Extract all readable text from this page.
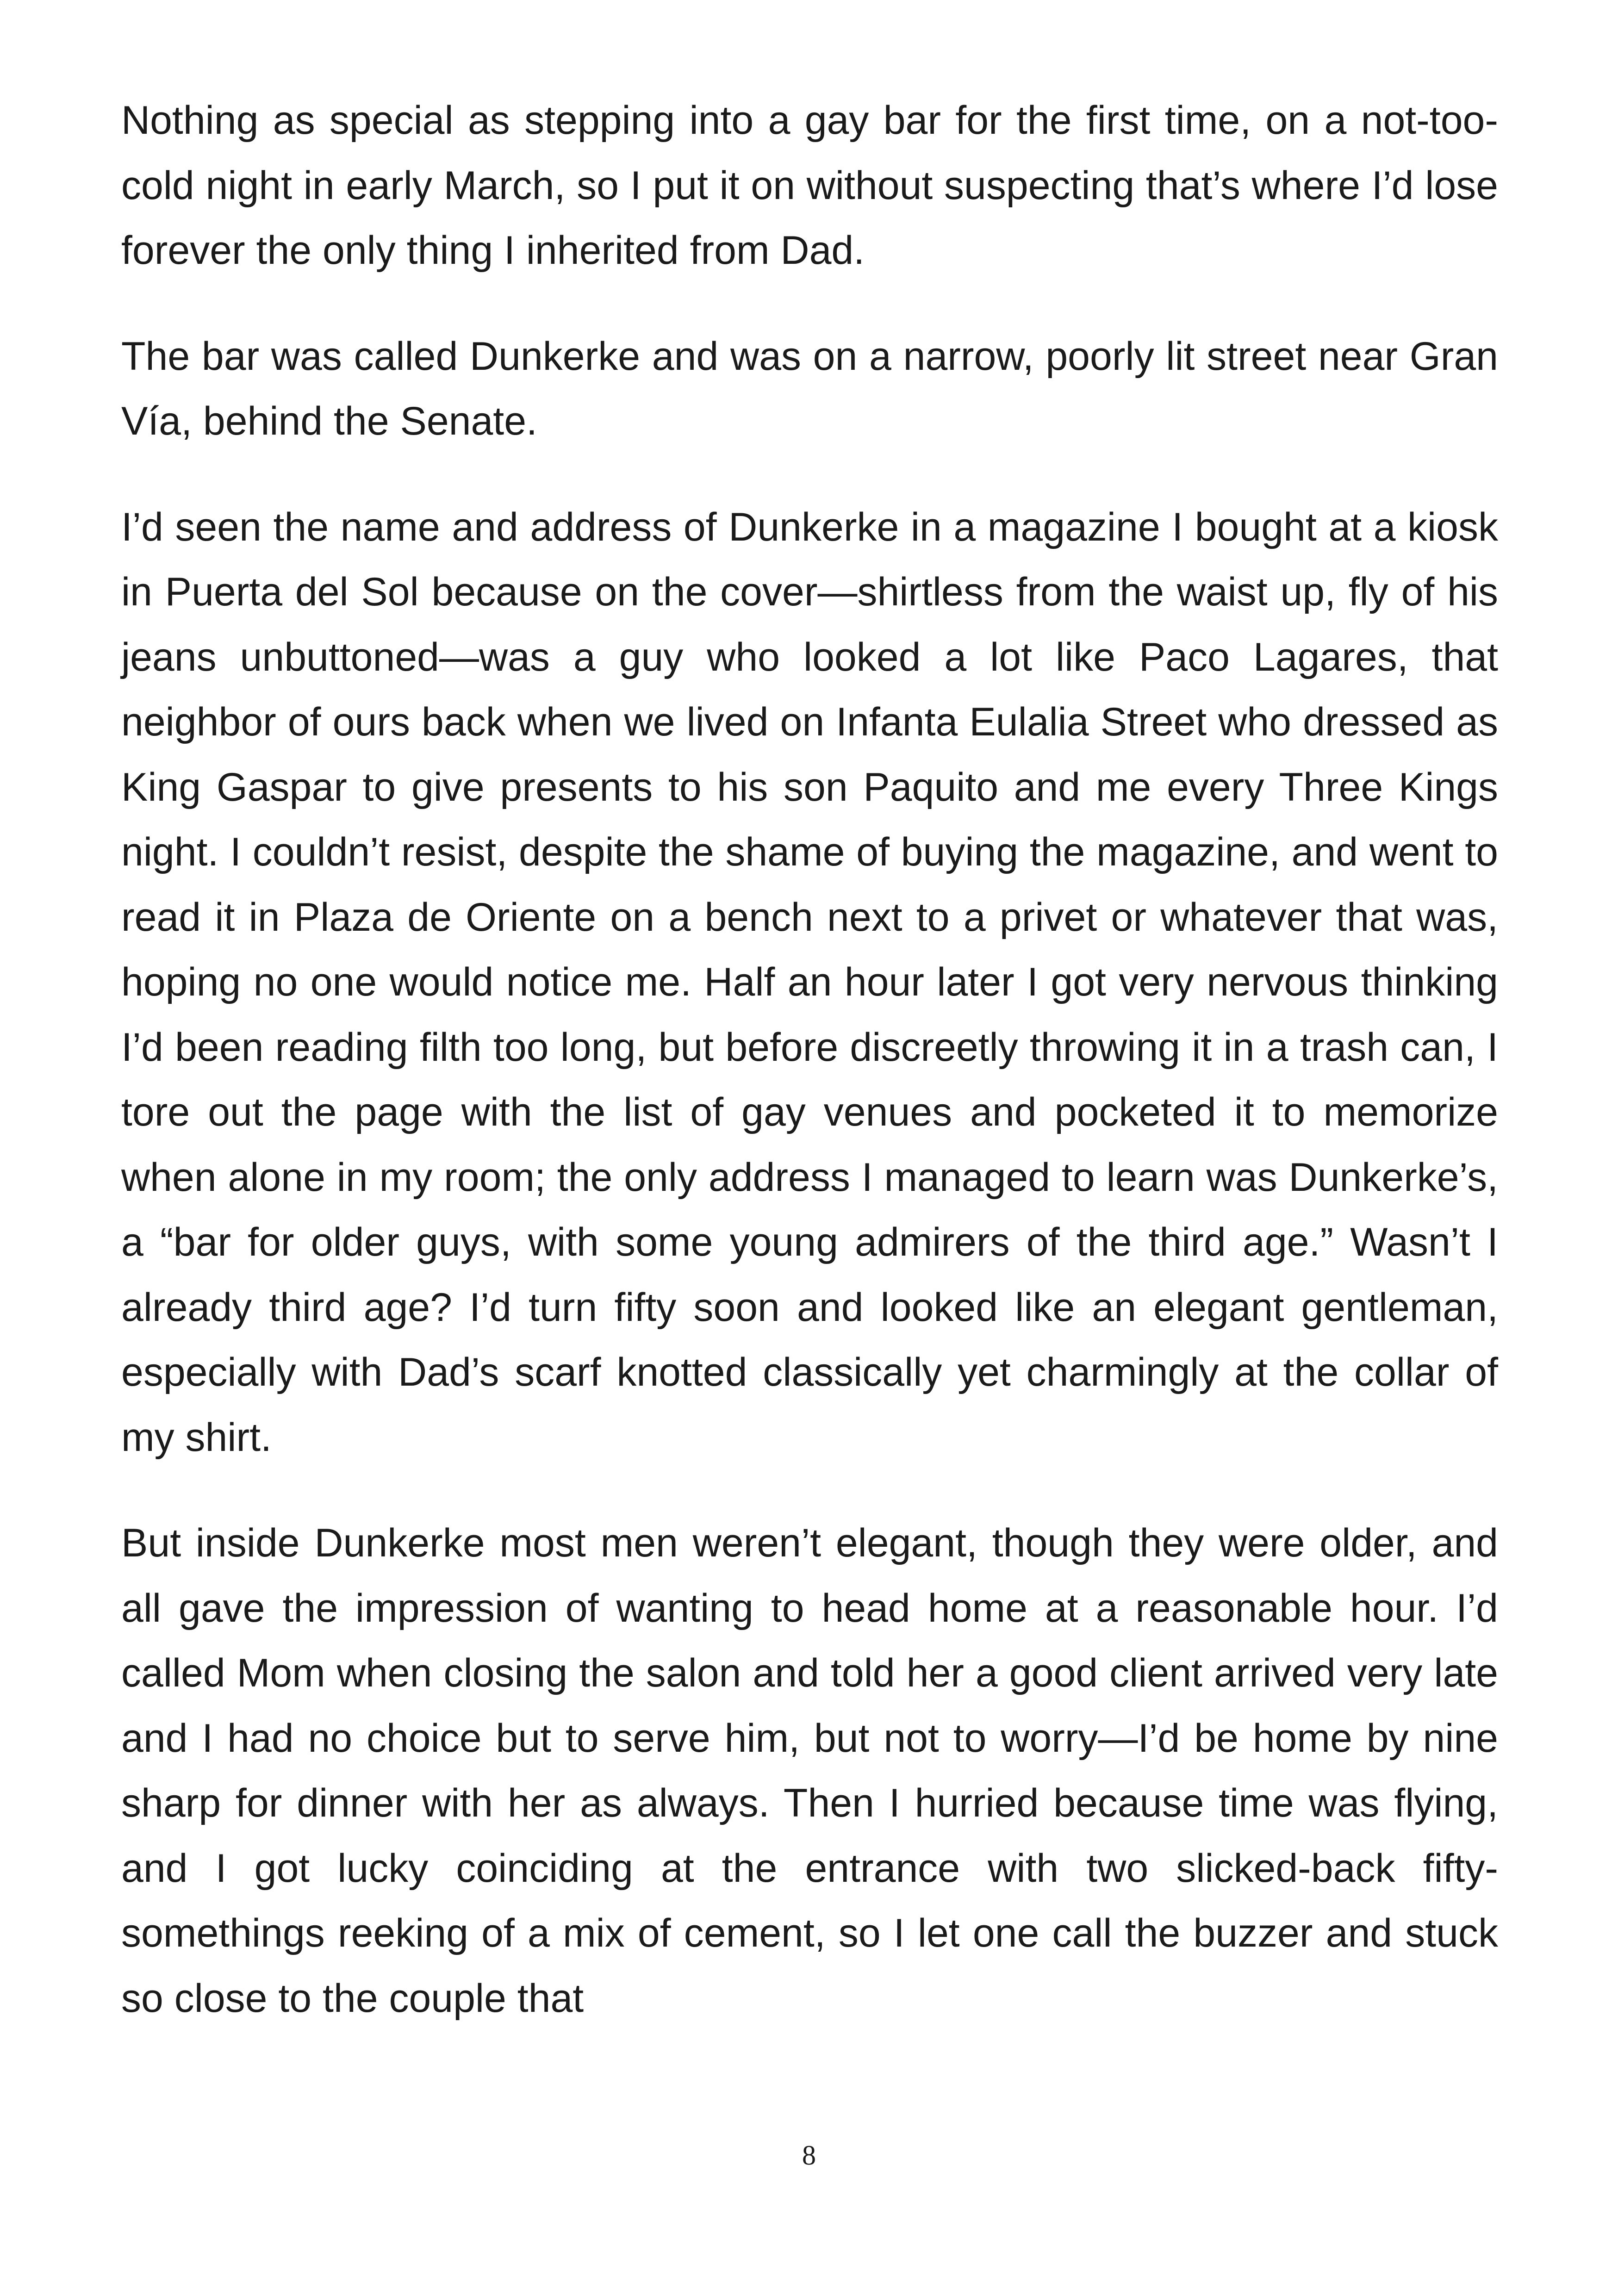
Nothing as special as stepping into a gay bar for the first time, on a not-too-cold night in early March, so I put it on without suspecting that’s where I’d lose forever the only thing I inherited from Dad.

The bar was called Dunkerke and was on a narrow, poorly lit street near Gran Vía, behind the Senate.

I’d seen the name and address of Dunkerke in a magazine I bought at a kiosk in Puerta del Sol because on the cover—shirtless from the waist up, fly of his jeans unbuttoned—was a guy who looked a lot like Paco Lagares, that neighbor of ours back when we lived on Infanta Eulalia Street who dressed as King Gaspar to give presents to his son Paquito and me every Three Kings night. I couldn’t resist, despite the shame of buying the magazine, and went to read it in Plaza de Oriente on a bench next to a privet or whatever that was, hoping no one would notice me. Half an hour later I got very nervous thinking I’d been reading filth too long, but before discreetly throwing it in a trash can, I tore out the page with the list of gay venues and pocketed it to memorize when alone in my room; the only address I managed to learn was Dunkerke’s, a “bar for older guys, with some young admirers of the third age.” Wasn’t I already third age? I’d turn fifty soon and looked like an elegant gentleman, especially with Dad’s scarf knotted classically yet charmingly at the collar of my shirt.

But inside Dunkerke most men weren’t elegant, though they were older, and all gave the impression of wanting to head home at a reasonable hour. I’d called Mom when closing the salon and told her a good client arrived very late and I had no choice but to serve him, but not to worry—I’d be home by nine sharp for dinner with her as always. Then I hurried because time was flying, and I got lucky coinciding at the entrance with two slicked-back fifty-somethings reeking of a mix of cement, so I let one call the buzzer and stuck so close to the couple that

8
